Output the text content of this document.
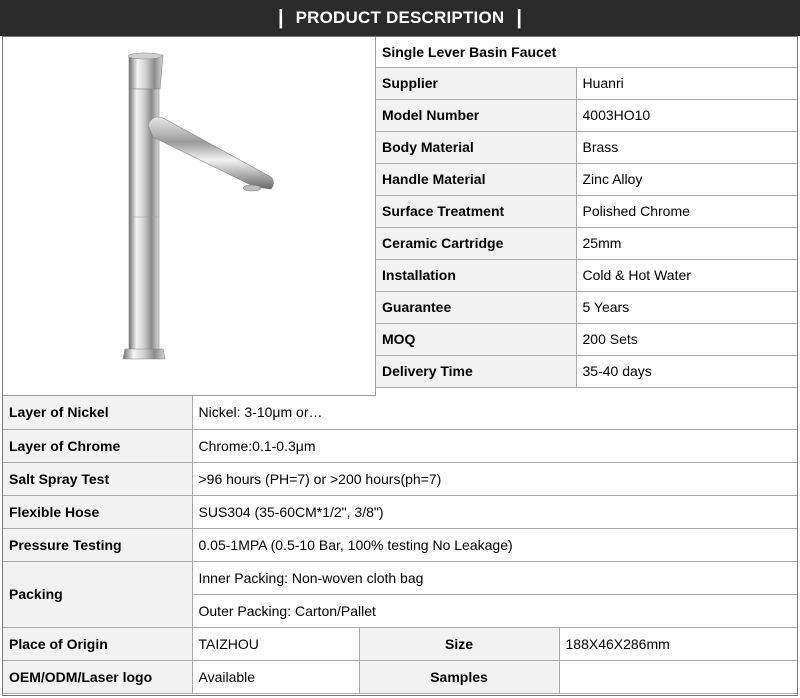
| PRODUCT DESCRIPTION |
Single Lever Basin Faucet	
Supplier	Huanri
Model Number	4003HO10
Body Material	Brass
Handle Material	Zinc Alloy
Surface Treatment	Polished Chrome
Ceramic Cartridge	25mm
Installation	Cold & Hot Water
Guarantee	5 Years
MOQ	200 Sets
Delivery Time	35-40 days
Layer of Nickel	Nickel: 3-10μm or…		
Layer of Chrome	Chrome:0.1-0.3μm		
Salt Spray Test	>96 hours (PH=7) or >200 hours(ph=7)		
Flexible Hose	SUS304 (35-60CM*1/2", 3/8")		
Pressure Testing	0.05-1MPA (0.5-10 Bar, 100% testing No Leakage)		
Packing	Inner Packing: Non-woven cloth bag		
	Outer Packing: Carton/Pallet		
Place of Origin	TAIZHOU	Size	188X46X286mm
OEM/ODM/Laser logo	Available	Samples	
